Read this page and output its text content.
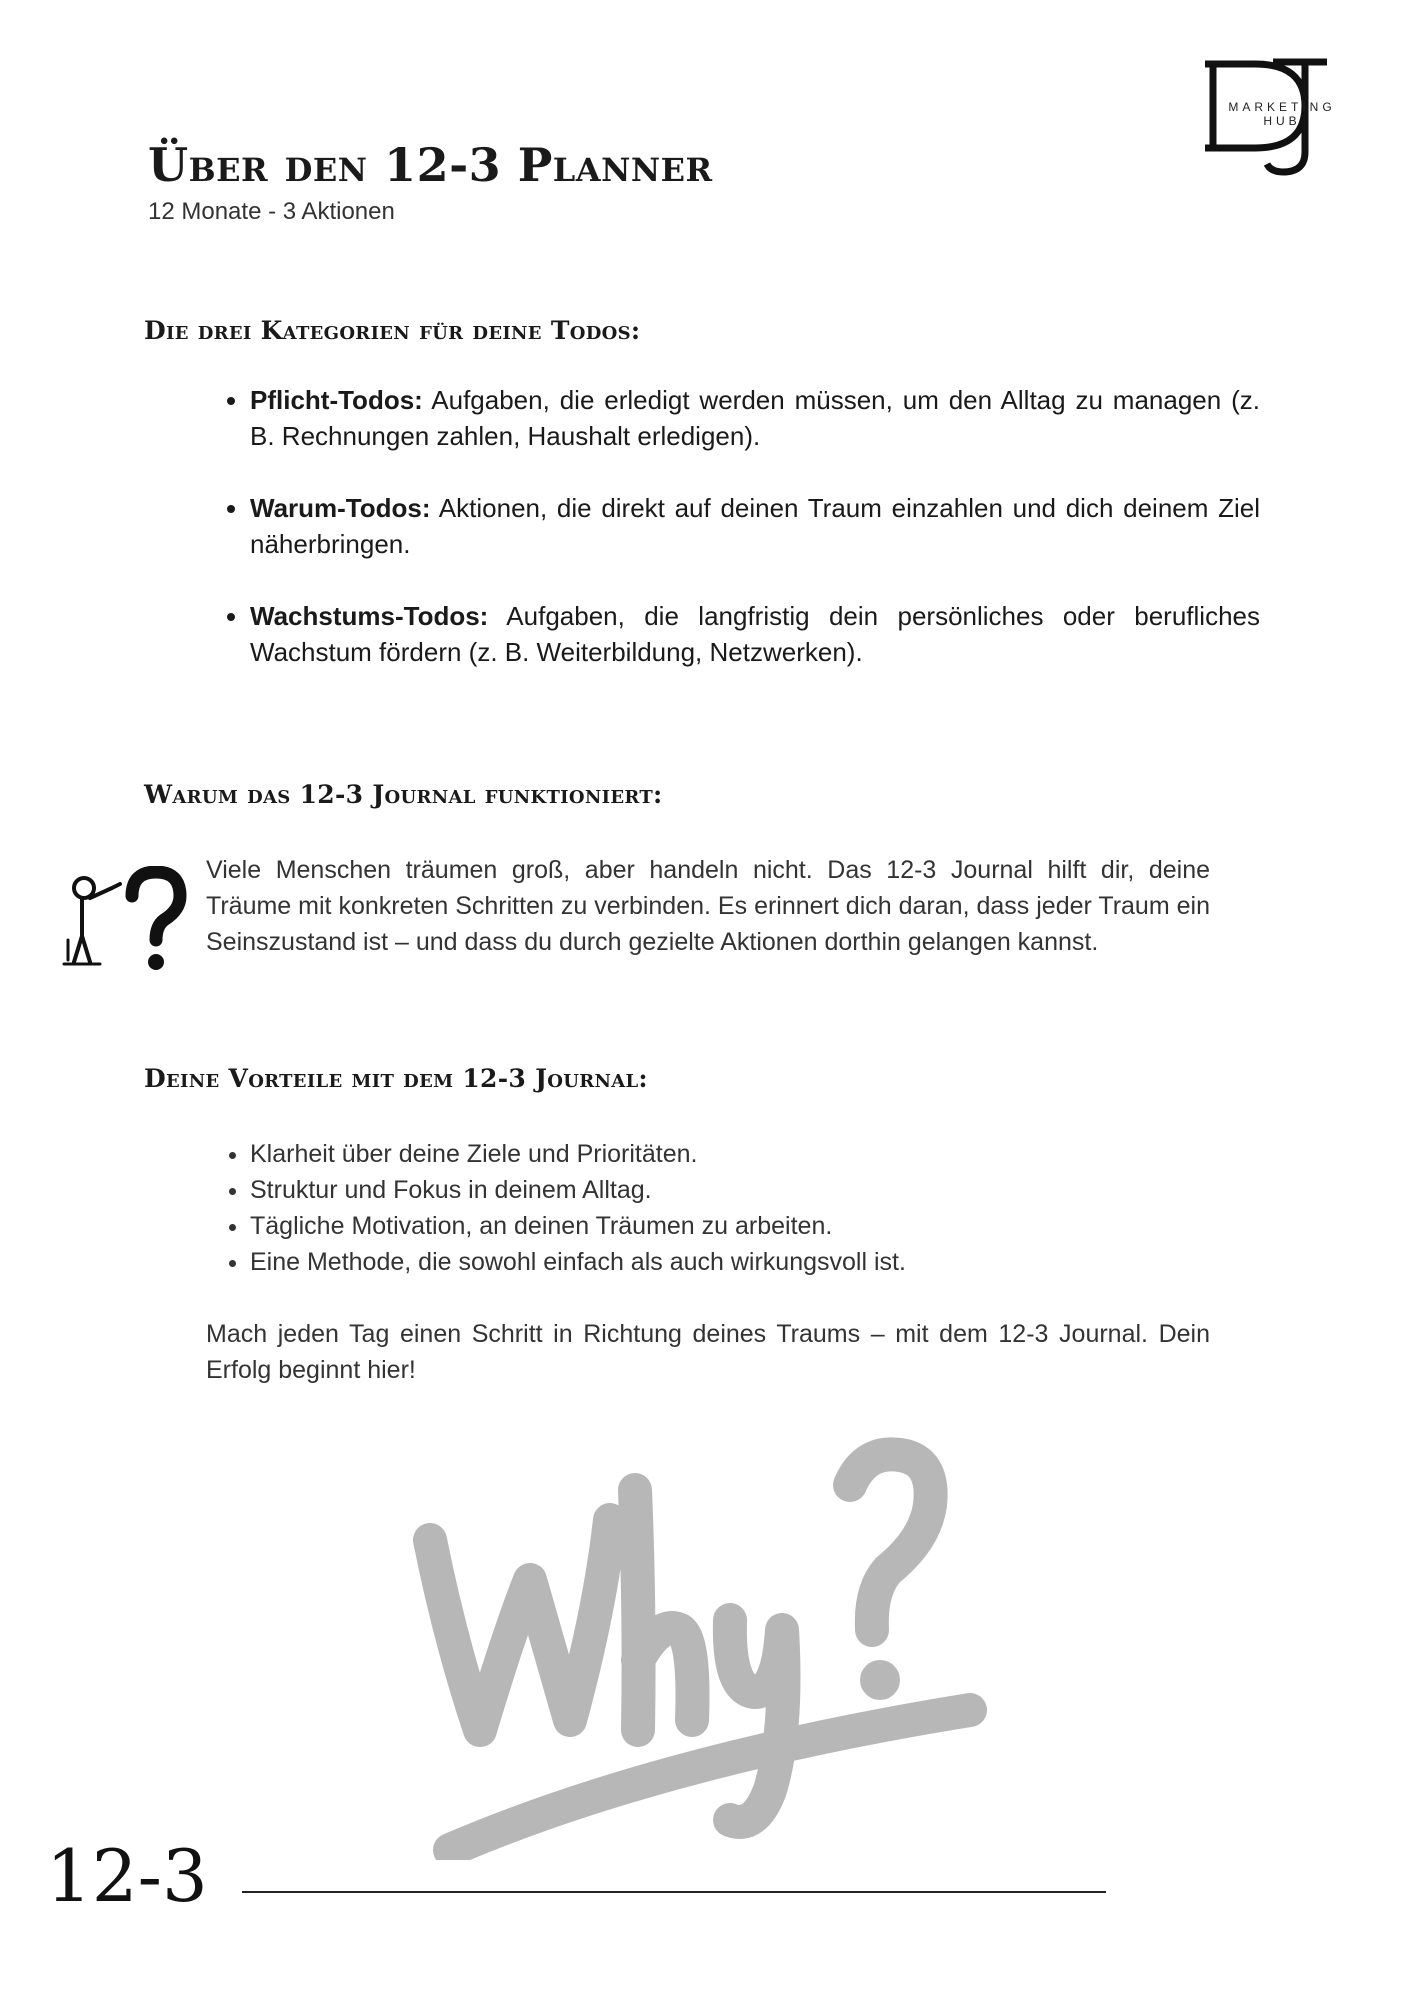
MARKETING HUB
Über den 12-3 Planner
12 Monate - 3 Aktionen
Die drei Kategorien für deine Todos:
• Pflicht-Todos: Aufgaben, die erledigt werden müssen, um den Alltag zu managen (z. B. Rechnungen zahlen, Haushalt erledigen).
• Warum-Todos: Aktionen, die direkt auf deinen Traum einzahlen und dich deinem Ziel näherbringen.
• Wachstums-Todos: Aufgaben, die langfristig dein persönliches oder berufliches Wachstum fördern (z. B. Weiterbildung, Netzwerken).
Warum das 12-3 Journal funktioniert:

Viele Menschen träumen groß, aber handeln nicht. Das 12-3 Journal hilft dir, deine Träume mit konkreten Schritten zu verbinden. Es erinnert dich daran, dass jeder Traum ein Seinszustand ist – und dass du durch gezielte Aktionen dorthin gelangen kannst.

Deine Vorteile mit dem 12-3 Journal:
• Klarheit über deine Ziele und Prioritäten.
• Struktur und Fokus in deinem Alltag.
• Tägliche Motivation, an deinen Träumen zu arbeiten.
• Eine Methode, die sowohl einfach als auch wirkungsvoll ist.

Mach jeden Tag einen Schritt in Richtung deines Traums – mit dem 12-3 Journal. Dein Erfolg beginnt hier!

12-3
